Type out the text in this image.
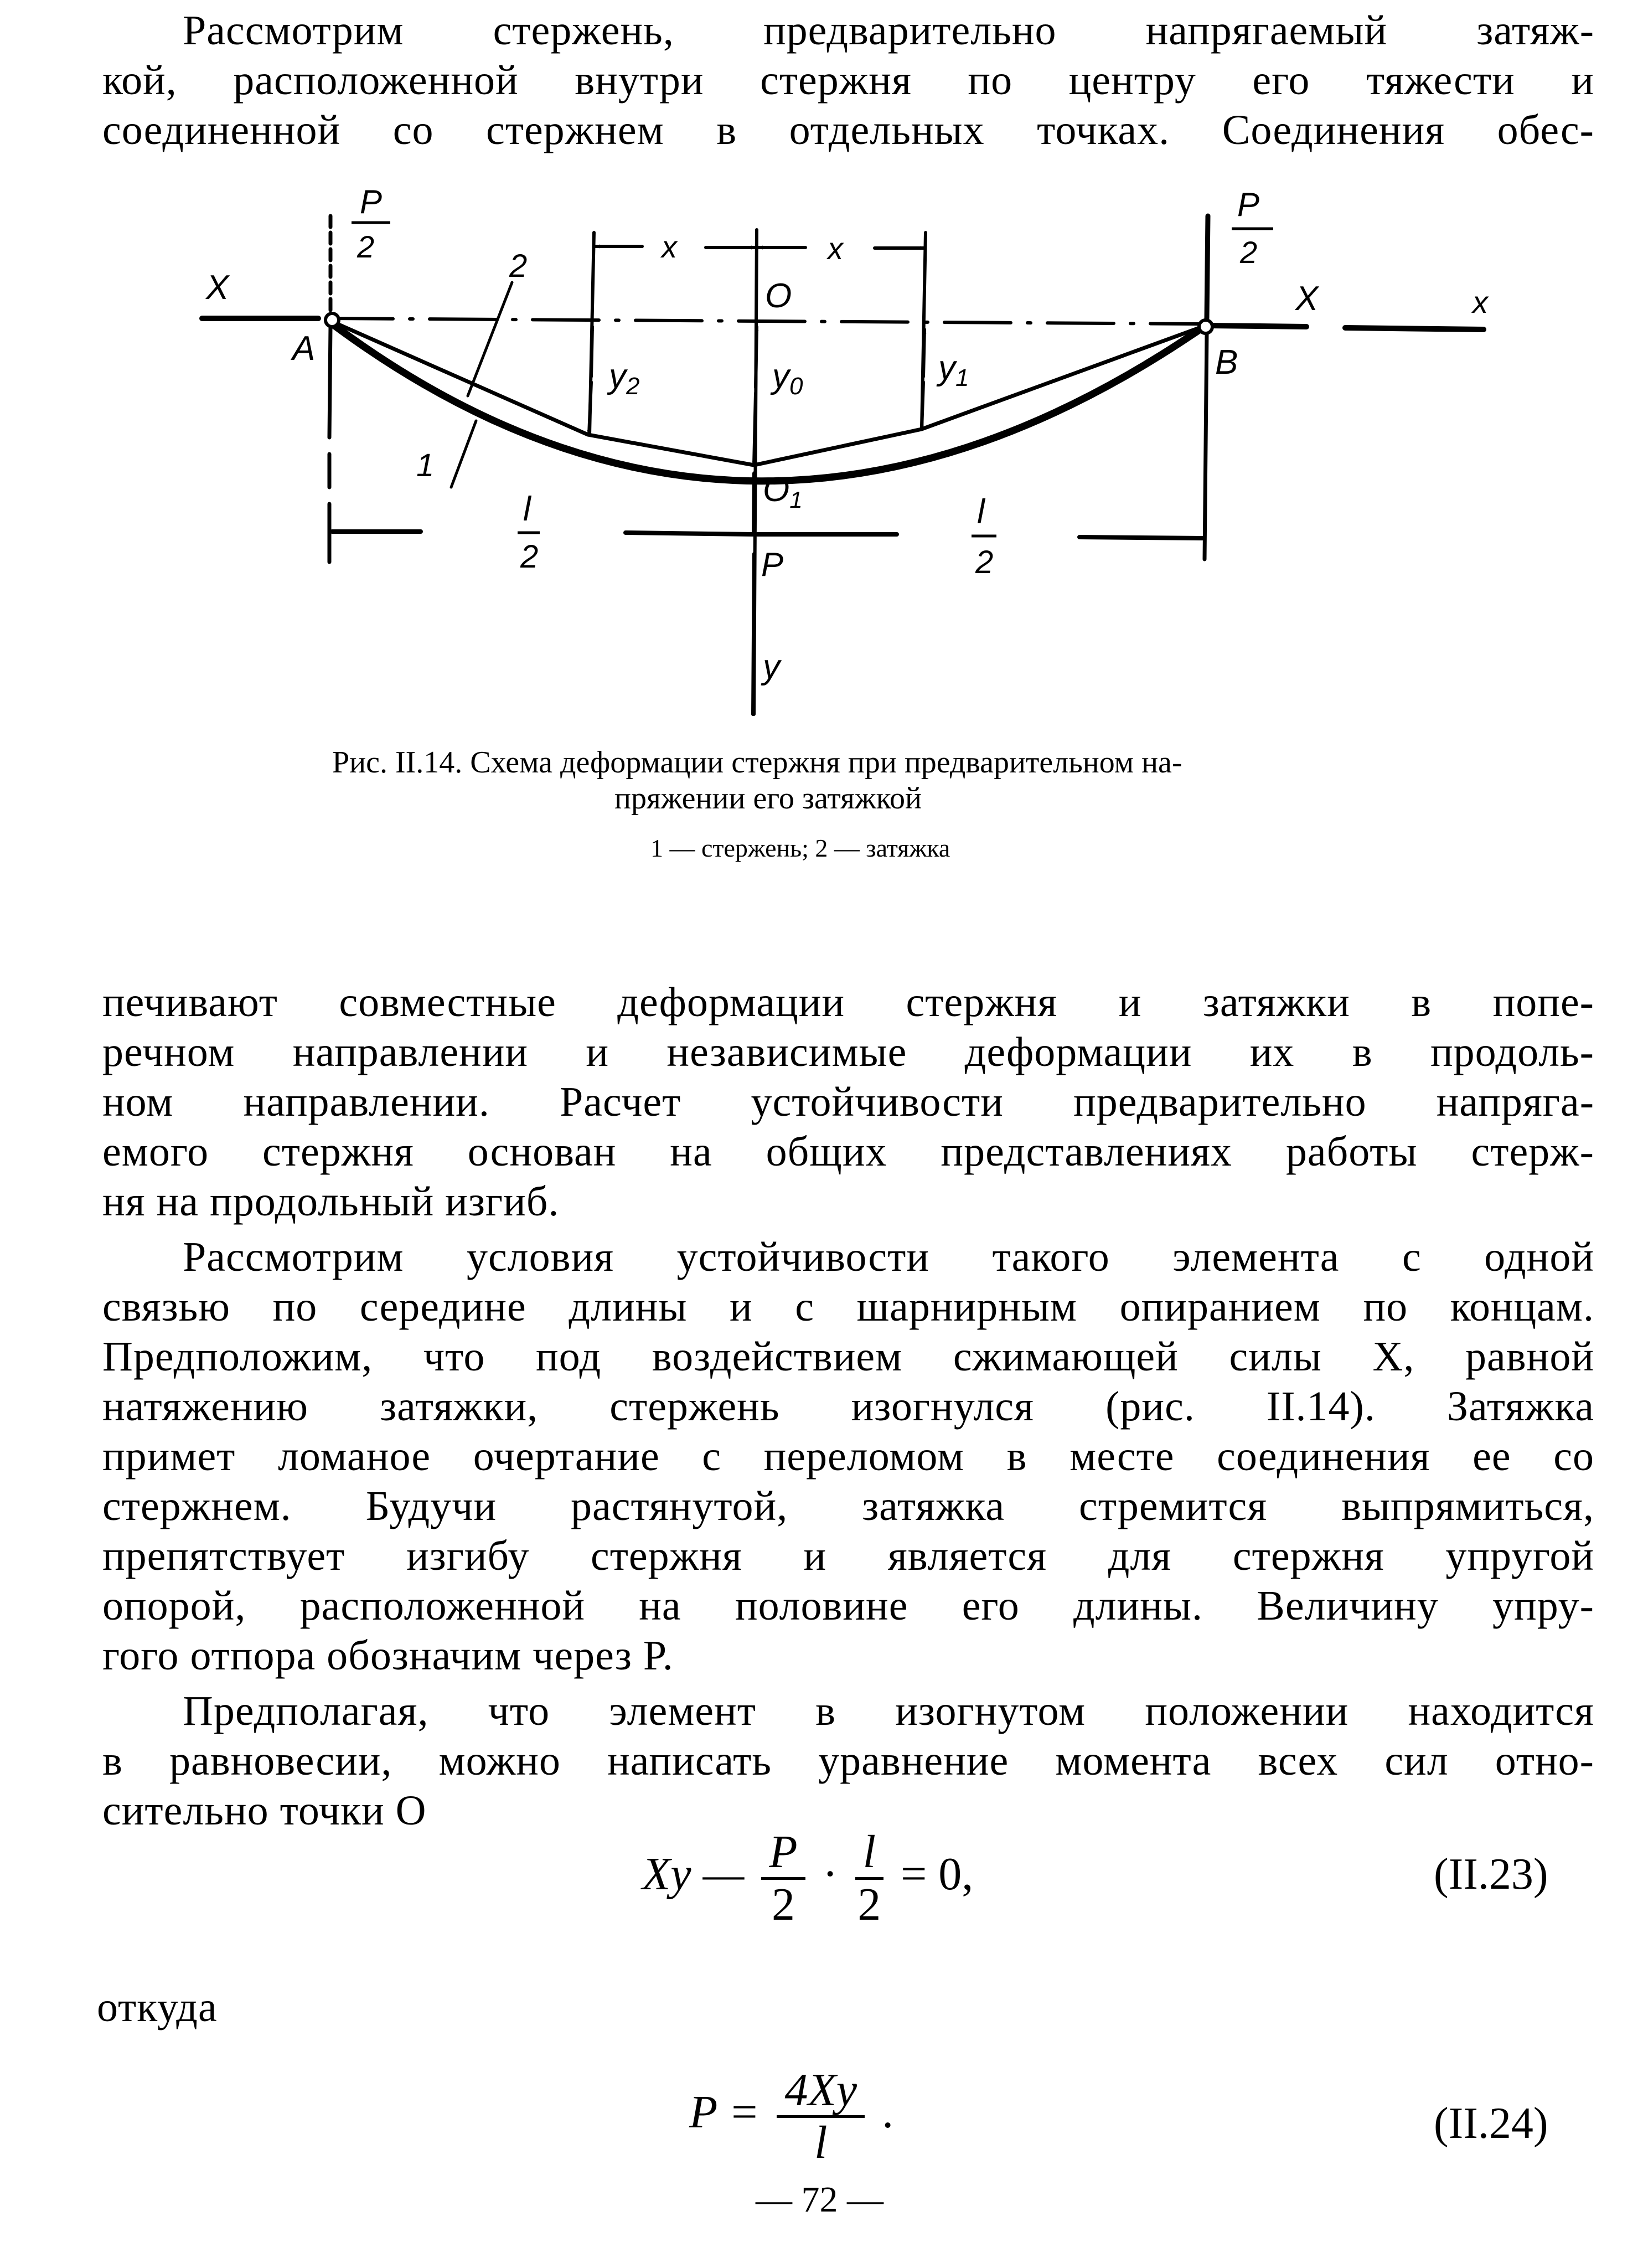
Рассмотрим стержень, предварительно напрягаемый затяж-
кой, расположенной внутри стержня по центру его тяжести и
соединенной со стержнем в отдельных точках. Соединения обес-
P
2
P
2
X	X	x
A	B
O
O1
y2	y0	y1
x	x
l
2
l
2
P
y
1
2
Рис. II.14. Схема деформации стержня при предварительном на-
пряжении его затяжкой
1 — стержень; 2 — затяжка
печивают совместные деформации стержня и затяжки в попе-
речном направлении и независимые деформации их в продоль-
ном направлении. Расчет устойчивости предварительно напряга-
емого стержня основан на общих представлениях работы стерж-
ня на продольный изгиб.
Рассмотрим условия устойчивости такого элемента с одной
связью по середине длины и с шарнирным опиранием по концам.
Предположим, что под воздействием сжимающей силы X, равной
натяжению затяжки, стержень изогнулся (рис. II.14). Затяжка
примет ломаное очертание с переломом в месте соединения ее со
стержнем. Будучи растянутой, затяжка стремится выпрямиться,
препятствует изгибу стержня и является для стержня упругой
опорой, расположенной на половине его длины. Величину упру-
гого отпора обозначим через P.
Предполагая, что элемент в изогнутом положении находится
в равновесии, можно написать уравнение момента всех сил отно-
сительно точки O
Xy — $\frac{P}{2} \cdot \frac{l}{2} = 0$,	(II.23)
откуда
$P = \frac{4Xy}{l}$ .	(II.24)
— 72 —
